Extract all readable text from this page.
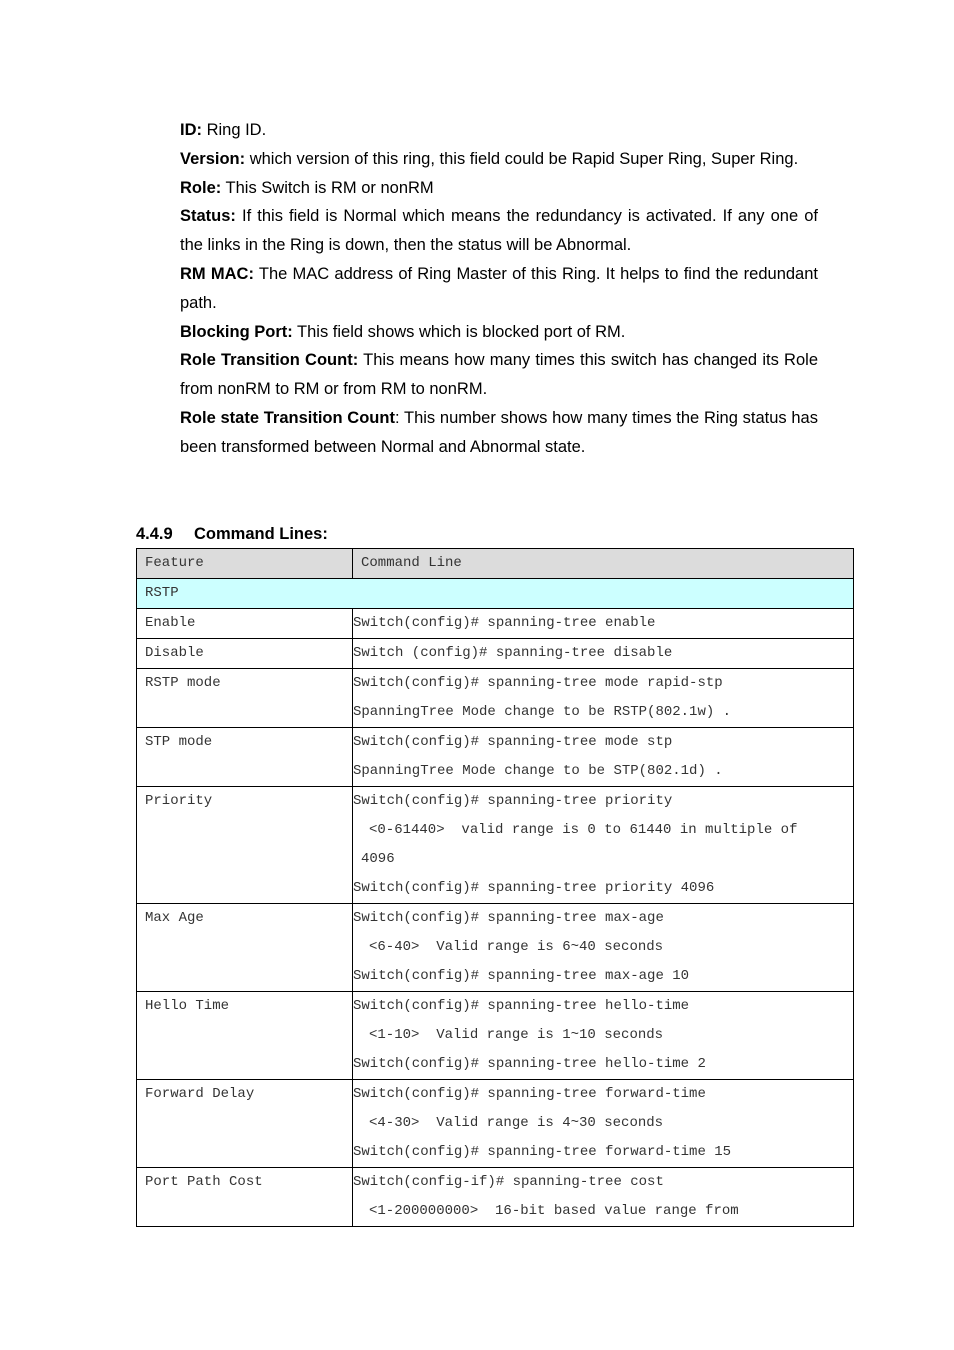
ID: Ring ID.

Version: which version of this ring, this field could be Rapid Super Ring, Super Ring.

Role: This Switch is RM or nonRM

Status: If this field is Normal which means the redundancy is activated. If any one of the links in the Ring is down, then the status will be Abnormal.

RM MAC: The MAC address of Ring Master of this Ring. It helps to find the redundant path.

Blocking Port: This field shows which is blocked port of RM.

Role Transition Count: This means how many times this switch has changed its Role from nonRM to RM or from RM to nonRM.

Role state Transition Count: This number shows how many times the Ring status has been transformed between Normal and Abnormal state.

4.4.9 Command Lines:
Feature	Command Line

RSTP	

Enable	Switch(config)# spanning-tree enable

Disable	Switch (config)# spanning-tree disable

RSTP mode	Switch(config)# spanning-tree mode rapid-stp
SpanningTree Mode change to be RSTP(802.1w) .

STP mode	Switch(config)# spanning-tree mode stp
SpanningTree Mode change to be STP(802.1d) .

Priority	Switch(config)# spanning-tree priority
<0-61440>  valid range is 0 to 61440 in multiple of
4096
Switch(config)# spanning-tree priority 4096

Max Age	Switch(config)# spanning-tree max-age
<6-40>  Valid range is 6~40 seconds
Switch(config)# spanning-tree max-age 10

Hello Time	Switch(config)# spanning-tree hello-time
<1-10>  Valid range is 1~10 seconds
Switch(config)# spanning-tree hello-time 2

Forward Delay	Switch(config)# spanning-tree forward-time
<4-30>  Valid range is 4~30 seconds
Switch(config)# spanning-tree forward-time 15

Port Path Cost	Switch(config-if)# spanning-tree cost
<1-200000000>  16-bit based value range from
